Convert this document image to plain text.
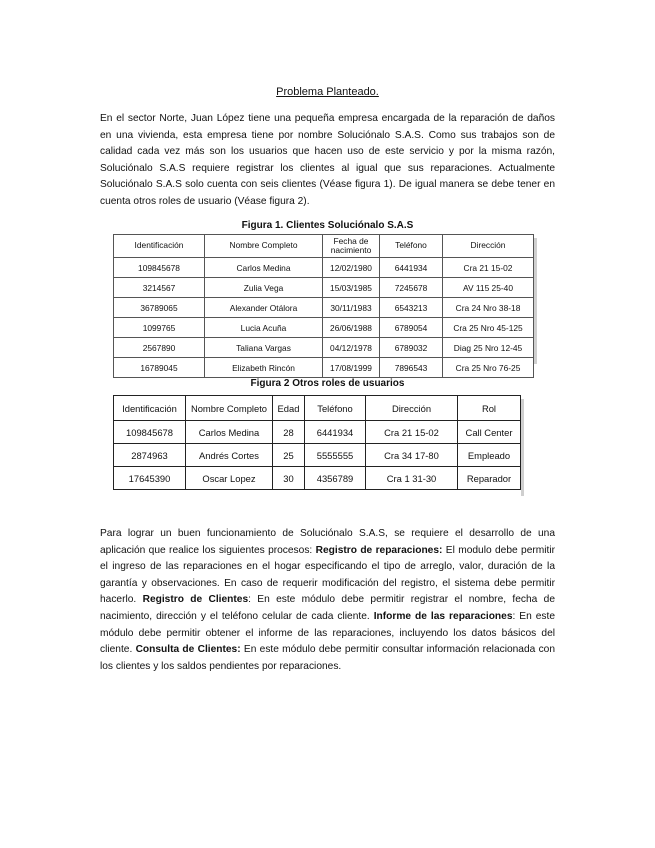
Problema Planteado.

En el sector Norte, Juan López tiene una pequeña empresa encargada de la reparación de daños en una vivienda, esta empresa tiene por nombre Soluciónalo S.A.S. Como sus trabajos son de calidad cada vez más son los usuarios que hacen uso de este servicio y por la misma razón, Soluciónalo S.A.S requiere registrar los clientes al igual que sus reparaciones. Actualmente Soluciónalo S.A.S solo cuenta con seis clientes (Véase figura 1). De igual manera se debe tener en cuenta otros roles de usuario (Véase figura 2).

Figura 1. Clientes Soluciónalo S.A.S
Identificación	Nombre Completo	Fecha de nacimiento	Teléfono	Dirección
109845678	Carlos Medina	12/02/1980	6441934	Cra 21 15-02
3214567	Zulia Vega	15/03/1985	7245678	AV 115 25-40
36789065	Alexander Otálora	30/11/1983	6543213	Cra 24 Nro 38-18
1099765	Lucia Acuña	26/06/1988	6789054	Cra 25 Nro 45-125
2567890	Taliana Vargas	04/12/1978	6789032	Diag 25 Nro 12-45
16789045	Elizabeth Rincón	17/08/1999	7896543	Cra 25 Nro 76-25
Figura 2 Otros roles de usuarios
Identificación	Nombre Completo	Edad	Teléfono	Dirección	Rol
109845678	Carlos Medina	28	6441934	Cra 21 15-02	Call Center
2874963	Andrés Cortes	25	5555555	Cra 34 17-80	Empleado
17645390	Oscar Lopez	30	4356789	Cra 1 31-30	Reparador

Para lograr un buen funcionamiento de Soluciónalo S.A.S, se requiere el desarrollo de una aplicación que realice los siguientes procesos: Registro de reparaciones: El modulo debe permitir el ingreso de las reparaciones en el hogar especificando el tipo de arreglo, valor, duración de la garantía y observaciones. En caso de requerir modificación del registro, el sistema debe permitir hacerlo. Registro de Clientes: En este módulo debe permitir registrar el nombre, fecha de nacimiento, dirección y el teléfono celular de cada cliente. Informe de las reparaciones: En este módulo debe permitir obtener el informe de las reparaciones, incluyendo los datos básicos del cliente. Consulta de Clientes: En este módulo debe permitir consultar información relacionada con los clientes y los saldos pendientes por reparaciones.
